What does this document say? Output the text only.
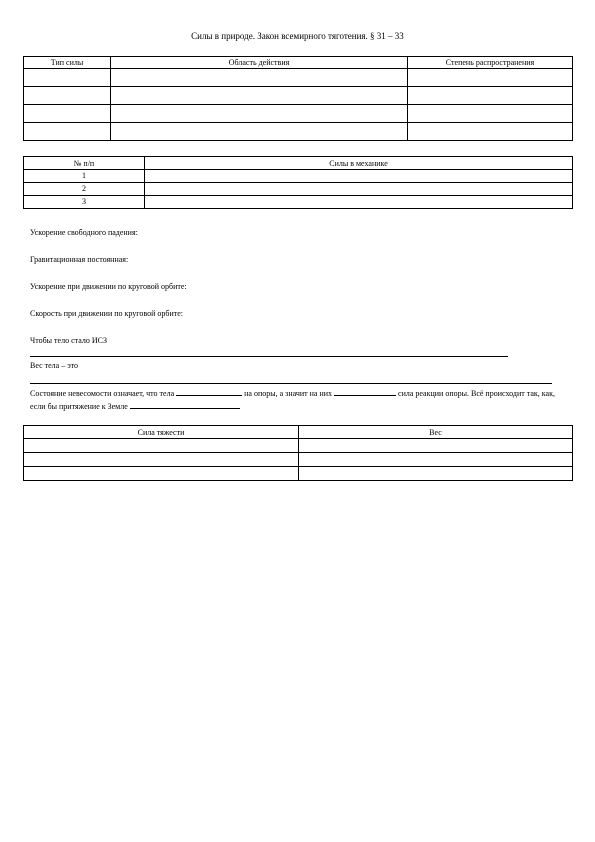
Силы в природе. Закон всемирного тяготения. § 31 – 33
Тип силы	Область действия	Степень распространения

№ п/п	Силы в механике
1	
2	
3	
Ускорение свободного падения:
Гравитационная постоянная:
Ускорение при движении по круговой орбите:
Скорость при движении по круговой орбите:
Чтобы тело стало ИСЗ
Вес тела – это
Состояние невесомости означает, что тела	на опоры, а значит на них	сила реакции опоры. Всё происходит так, как, если бы притяжение к Земле
Сила тяжести	Вес
